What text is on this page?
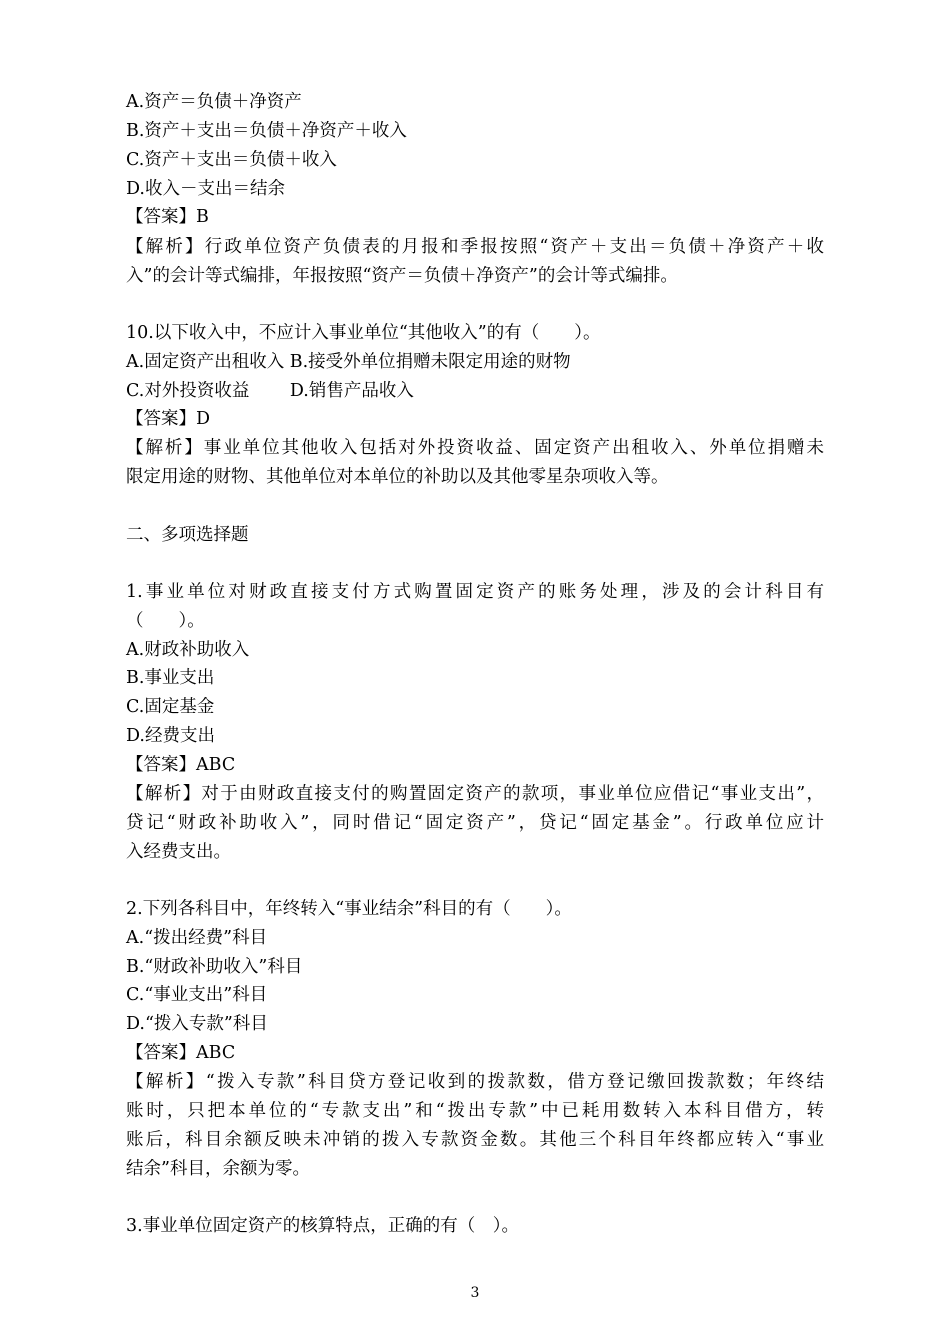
A.资产＝负债＋净资产
B.资产＋支出＝负债＋净资产＋收入
C.资产＋支出＝负债＋收入
D.收入－支出＝结余
【答案】B
【解析】行政单位资产负债表的月报和季报按照“资产＋支出＝负债＋净资产＋收
入”的会计等式编排，年报按照“资产＝负债＋净资产”的会计等式编排。
10.以下收入中，不应计入事业单位“其他收入”的有（　　）。
A.固定资产出租收入 B.接受外单位捐赠未限定用途的财物
C.对外投资收益　　 D.销售产品收入
【答案】D
【解析】事业单位其他收入包括对外投资收益、固定资产出租收入、外单位捐赠未
限定用途的财物、其他单位对本单位的补助以及其他零星杂项收入等。
二、多项选择题
1.事业单位对财政直接支付方式购置固定资产的账务处理，涉及的会计科目有
（　　）。
A.财政补助收入
B.事业支出
C.固定基金
D.经费支出
【答案】ABC
【解析】对于由财政直接支付的购置固定资产的款项，事业单位应借记“事业支出”，
贷记“财政补助收入”，同时借记“固定资产”，贷记“固定基金”。行政单位应计
入经费支出。
2.下列各科目中，年终转入“事业结余”科目的有（　　）。
A.“拨出经费”科目
B.“财政补助收入”科目
C.“事业支出”科目
D.“拨入专款”科目
【答案】ABC
【解析】“拨入专款”科目贷方登记收到的拨款数，借方登记缴回拨款数；年终结
账时，只把本单位的“专款支出”和“拨出专款”中已耗用数转入本科目借方，转
账后，科目余额反映未冲销的拨入专款资金数。其他三个科目年终都应转入“事业
结余”科目，余额为零。
3.事业单位固定资产的核算特点，正确的有（　）。
3
